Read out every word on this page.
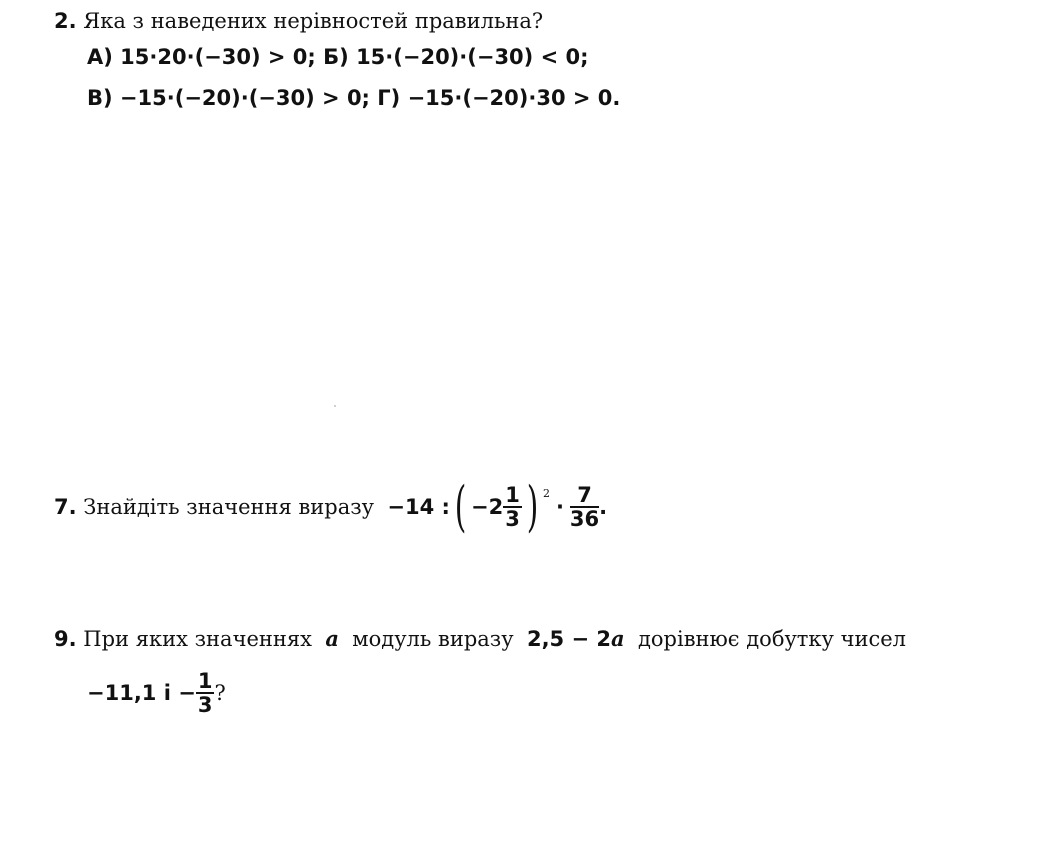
2. Яка з наведених нерівностей правильна?
А) 15·20·(−30) > 0; Б) 15·(−20)·(−30) < 0;
В) −15·(−20)·(−30) > 0; Г) −15·(−20)·30 > 0.
7.
Знайдіть значення виразу
−14 : ( $-2 \frac{1}{3}$ ) $^2$
· $\frac{7}{36}$ .
9. При яких значеннях a модуль виразу 2,5 − 2a дорівнює добутку чисел
−11,1 $і - \frac{1}{3}$ ?
